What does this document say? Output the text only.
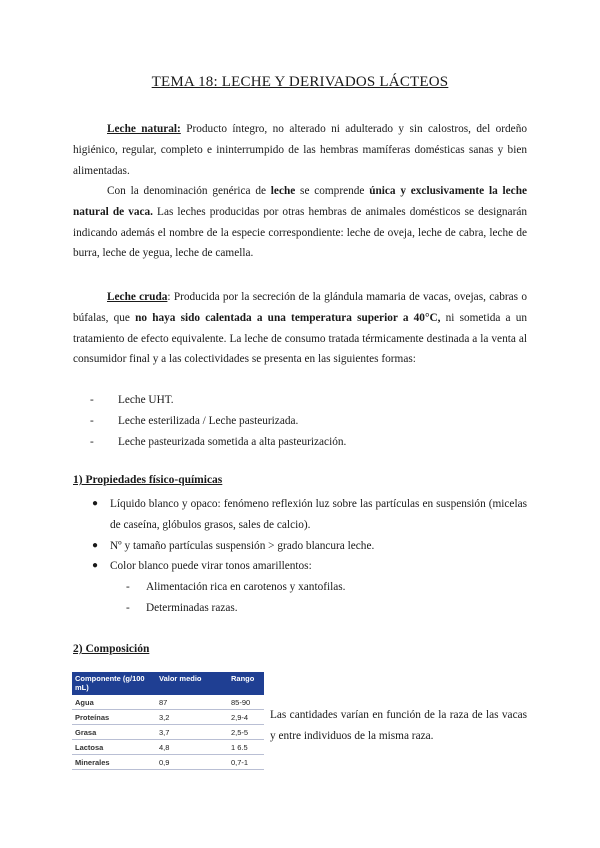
TEMA 18: LECHE Y DERIVADOS LÁCTEOS

Leche natural: Producto íntegro, no alterado ni adulterado y sin calostros, del ordeño higiénico, regular, completo e ininterrumpido de las hembras mamíferas domésticas sanas y bien alimentadas.

Con la denominación genérica de leche se comprende única y exclusivamente la leche natural de vaca. Las leches producidas por otras hembras de animales domésticos se designarán indicando además el nombre de la especie correspondiente: leche de oveja, leche de cabra, leche de burra, leche de yegua, leche de camella.

Leche cruda: Producida por la secreción de la glándula mamaria de vacas, ovejas, cabras o búfalas, que no haya sido calentada a una temperatura superior a 40°C, ni sometida a un tratamiento de efecto equivalente. La leche de consumo tratada térmicamente destinada a la venta al consumidor final y a las colectividades se presenta en las siguientes formas:

- Leche UHT.
- Leche esterilizada / Leche pasteurizada.
- Leche pasteurizada sometida a alta pasteurización.
1) Propiedades físico-químicas
● Líquido blanco y opaco: fenómeno reflexión luz sobre las partículas en suspensión (micelas de caseína, glóbulos grasos, sales de calcio).
● Nº y tamaño partículas suspensión > grado blancura leche.
● Color blanco puede virar tonos amarillentos:
- Alimentación rica en carotenos y xantofilas.
- Determinadas razas.
2) Composición
Componente (g/100 mL)	Valor medio	Rango
Agua	87	85-90
Proteínas	3,2	2,9-4
Grasa	3,7	2,5-5
Lactosa	4,8	1 6.5
Minerales	0,9	0,7-1

Las cantidades varían en función de la raza de las vacas y entre individuos de la misma raza.
